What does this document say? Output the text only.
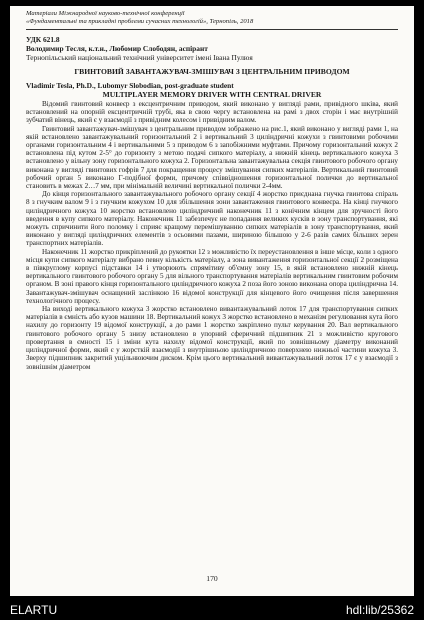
Матеріали Міжнародної науково-технічної конференції
«Фундаментальні та прикладні проблеми сучасних технологій», Тернопіль, 2018
УДК 621.8
Володимир Тесля, к.т.н., Любомир Слободян, аспірант
Тернопільський національний технічний університет імені Івана Пулюя
ГВИНТОВИЙ ЗАВАНТАЖУВАЧ-ЗМІШУВАЧ З ЦЕНТРАЛЬНИМ ПРИВОДОМ
Vladimir Tesla, Ph.D., Lubomyr Slobodian, post-graduate student
MULTIPLAYER MEMORY DRIVER WITH CENTRAL DRIVER

Відомий гвинтовий конвеєр з ексцентричним приводом, який виконано у вигляді рами, привідного шківа, який встановлений на опорній ексцентричній трубі, яка в свою чергу встановлена на рамі з двох сторін і має внутрішній зубчатий вінець, який є у взаємодії з привідним колесом і привідним валом.

Гвинтовий завантажувач-змішувач з центральним приводом зображено на рис.1, який виконано у вигляді рами 1, на якій встановлено завантажувальний горизонтальний 2 і вертикальний 3 циліндричні кожухи з гвинтовими робочими органами горизонтальним 4 і вертикальними 5 з приводом 6 з запобіжними муфтами. Причому горизонтальний кожух 2 встановлена під кутом 2-5° до горизонту з метою подачі сипкого матеріалу, а нижній кінець вертикального кожуха 3 встановлено у вільну зону горизонтального кожуха 2. Горизонтальна завантажувальна секція гвинтового робочого органу виконана у вигляді гвинтових гофрів 7 для покращення процесу змішування сипких матеріалів. Вертикальний гвинтовий робочий орган 5 виконано Г-подібної форми, причому співвідношення горизонтальної полички до вертикальної становить в межах 2…7 мм, при мінімальній величині вертикальної полички 2-4мм.

До кінця горизонтального завантажувального робочого органу секції 4 жорстко приєднана гнучка гвинтова спіраль 8 з гнучким валом 9 і з гнучким кожухом 10 для збільшення зони завантаження гвинтового конвеєра. На кінці гнучкого циліндричного кожуха 10 жорстко встановлено циліндричний наконечник 11 з конічним кінцем для зручності його введення в купу сипкого матеріалу. Наконечник 11 забезпечує не попадання великих кусків в зону транспортування, які можуть спричинити його поломку і сприяє кращому перемішуванню сипких матеріалів в зону транспортування, який виконано у вигляді циліндричних елементів з осьовими пазами, шириною більшою у 2-6 разів самих більших зерен транспортних матеріалів.

Наконечник 11 жорстко прикріплений до рукоятки 12 з можливістю їх переустановлення в інше місце, коли з одного місця купи сипкого матеріалу вибрано певну кількість матеріалу, а зона вивантаження горизонтальної секції 2 розміщена в півкруглому корпусі підставки 14 і утворюють спрямітиву об'ємну зону 15, в якій встановлено нижній кінець вертикального гвинтового робочого органу 5 для вільного транспортування матеріалів вертикальним гвинтовим робочим органом. В зоні правого кінця горизонтального циліндричного кожуха 2 поза його зоною виконана опора циліндрична 14. Завантажувач-змішувач оснащений заслінкою 16 відомої конструкції для кінцевого його очищення після завершення технологічного процесу.

На виході вертикального кожуха 3 жорстко встановлено вивантажувальний лоток 17 для транспортування сипких матеріалів в ємність або кузов машини 18. Вертикальний кожух 3 жорстко встановлено в механізм регулювання кута його нахилу до горизонту 19 відомої конструкції, а до рами 1 жорстко закріплено пульт керування 20. Вал вертикального гвинтового робочого органу 5 знизу встановлено в упорний сферичний підшипник 21 з можливістю кругового провертання в ємності 15 і зміни кута нахилу відомої конструкції, який по зовнішньому діаметру виконаний циліндричної форми, який є у жорсткій взаємодії з внутрішньою циліндричною поверхнею нижньої частини кожуха 3. Зверху підшипник закритий ущільнюючим диском. Крім цього вертикальний вивантажувальний лоток 17 є у взаємодії з зовнішнім діаметром

170
ELARTU	hdl:lib/25362
